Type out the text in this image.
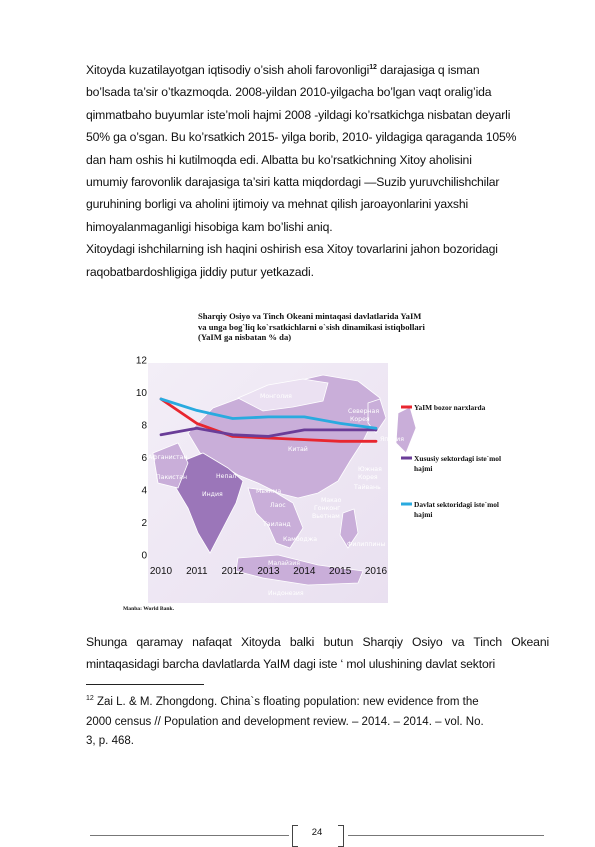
Xitoyda kuzatilayotgan iqtisodiy o’sish aholi farovonligi$^{12}$ darajasiga q isman

bo’lsada ta’sir o’tkazmoqda. 2008-yildan 2010-yilgacha bo’lgan vaqt oralig’ida

qimmatbaho buyumlar iste’moli hajmi 2008 -yildagi ko’rsatkichga nisbatan deyarli

50% ga o’sgan. Bu ko’rsatkich 2015- yilga borib, 2010- yildagiga qaraganda 105%

dan ham oshis hi kutilmoqda edi. Albatta bu ko’rsatkichning Xitoy aholisini

umumiy farovonlik darajasiga ta’siri katta miqdordagi ―Suzib yuruvchilishchilar

guruhining borligi va aholini ijtimoiy va mehnat qilish jaroayonlarini yaxshi

himoyalanmaganligi hisobiga kam bo’lishi aniq.

Xitoydagi ishchilarning ish haqini oshirish esa Xitoy tovarlarini jahon bozoridagi

raqobatbardoshligiga jiddiy putur yetkazadi.

Sharqiy Osiyo va Tinch Okeani mintaqasi davlatlarida YaIM
va unga bog`liq ko`rsatkichlarni o`sish dinamikasi istiqbollari
(YaIM ga nisbatan % da)
Монголия
Северная
Корея
Япония
Китай
Южная
Корея
Тайвань
Афганистан
Пакистан	Непал
Индия	Мьянма
Лаос
Макао
Гонконг
Вьетнам
Таиланд
Камбоджа
Филиппины
Малайзия
Индонезия
0
2
4
6
8
10
12
2010 2011 2012 2013 2014 2015 2016
YaIM bozor narxlarda
Xususiy sektordagi iste`mol
hajmi
Davlat sektoridagi iste`mol
hajmi
Manba: World Bank.

Shunga qaramay nafaqat Xitoyda balki butun Sharqiy Osiyo va Tinch Okeani

mintaqasidagi barcha davlatlarda YaIM dagi iste ‘ mol ulushining davlat sektori

$^{12}$ Zai L. & M. Zhongdong. China`s floating population: new evidence from the

2000 census // Population and development review. – 2014. – 2014. – vol. No.

3, p. 468.

24
